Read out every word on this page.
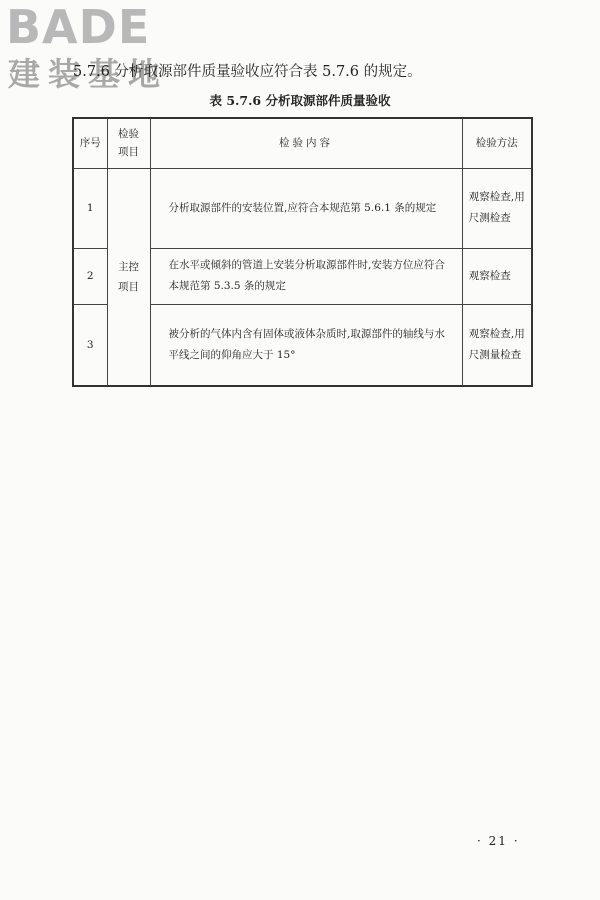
BADE
建装基地
5.7.6 分析取源部件质量验收应符合表 5.7.6 的规定。
表 5.7.6 分析取源部件质量验收
序号	检验项目	检验内容	检验方法
1	主控项目	分析取源部件的安装位置,应符合本规范第 5.6.1 条的规定	观察检查,用尺测检查
2		在水平或倾斜的管道上安装分析取源部件时,安装方位应符合本规范第 5.3.5 条的规定	观察检查
3		被分析的气体内含有固体或液体杂质时,取源部件的轴线与水平线之间的仰角应大于 15°	观察检查,用尺测量检查
· 21 ·
